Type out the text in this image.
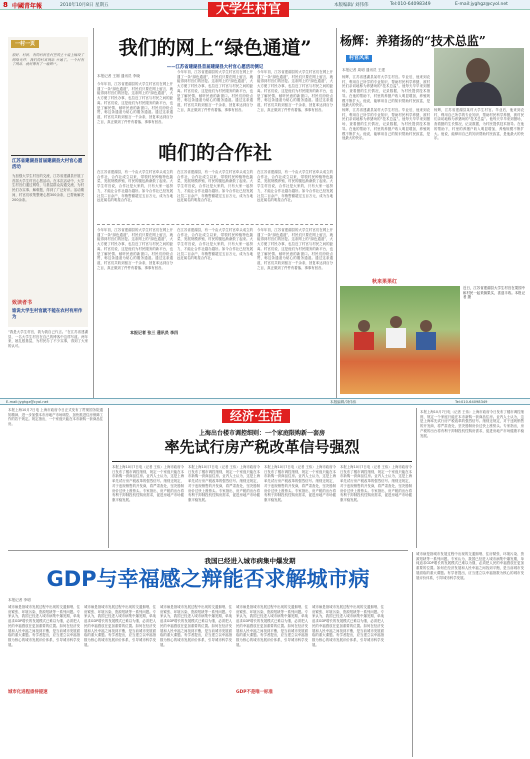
8 中國青年報	2010年10月8日 星期五	本版编辑/ 刘伟伟	Tel:010-64098349	E-mail:jyghgz@cyol.net
大学生村官
一村一页
很好，村民，有的村民在村里的主干道上铺设了网络光纤，我们的村官网站 开通了。一个村有了网站，就好像有了一扇窗户。
江苏省建湖县首届建湖县大村官心愿活动
为加强大学生村官的交流，江苏省建湖县开展了首届大学生村官心愿活动。在本次活动中，大学生村官们通过网络，与基层群众沟通交流，为村民们办实事、解难题，得到了广泛好评。活动期间，村官们收集整理心愿300余条，已帮助解决200余条。
致读者书
谁说大学生村官就不能在农村有所作为
“我是大学生村官，我为我自己代言。”在江苏省建湖县，一名大学生村官在自己的博客中这样写道。两年来，她扎根基层，为村民办了不少实事，得到了大家的认可。
我们的网上“绿色通道”
——江苏省建湖县首届建湖县大村官心愿活动侧记
本报记者 王刚 通讯员 李晓
今年年初，江苏省建湖县的大学生村官们在网上开通了一条“绿色通道”，村民们只要在网上留言，就能得到村官们的回复。这条网上的“绿色通道”，大大方便了村民办事，也拉近了村官与村民之间的距离。村官们说，这是他们为村民服务的新平台，也是了解民情、倾听民意的新窗口。村民们纷纷点赞，称这条通道为贴心的服务通道。通过这条通道，村官们共收到留言一千余条，回复率达到百分之百，真正做到了件件有着落、事事有回音。
今年年初，江苏省建湖县的大学生村官们在网上开通了一条“绿色通道”，村民们只要在网上留言，就能得到村官们的回复。这条网上的“绿色通道”，大大方便了村民办事，也拉近了村官与村民之间的距离。村官们说，这是他们为村民服务的新平台，也是了解民情、倾听民意的新窗口。村民们纷纷点赞，称这条通道为贴心的服务通道。通过这条通道，村官们共收到留言一千余条，回复率达到百分之百，真正做到了件件有着落、事事有回音。
今年年初，江苏省建湖县的大学生村官们在网上开通了一条“绿色通道”，村民们只要在网上留言，就能得到村官们的回复。这条网上的“绿色通道”，大大方便了村民办事，也拉近了村官与村民之间的距离。村官们说，这是他们为村民服务的新平台，也是了解民情、倾听民意的新窗口。村民们纷纷点赞，称这条通道为贴心的服务通道。通过这条通道，村官们共收到留言一千余条，回复率达到百分之百，真正做到了件件有着落、事事有回音。
咱们的合作社
在江苏省建湖县，有一个由大学生村官牵头成立的合作社，合作社成立以来，带领村民种植特色蔬菜，发展规模养殖，村民的腰包渐渐鼓了起来。大学生村官说，合作社是大家的，只有大家一起努力，才能让合作社越办越好。如今合作社已经发展社员二百余户，年销售额超过五百万元，成为当地远近闻名的明星合作社。
在江苏省建湖县，有一个由大学生村官牵头成立的合作社，合作社成立以来，带领村民种植特色蔬菜，发展规模养殖，村民的腰包渐渐鼓了起来。大学生村官说，合作社是大家的，只有大家一起努力，才能让合作社越办越好。如今合作社已经发展社员二百余户，年销售额超过五百万元，成为当地远近闻名的明星合作社。
在江苏省建湖县，有一个由大学生村官牵头成立的合作社，合作社成立以来，带领村民种植特色蔬菜，发展规模养殖，村民的腰包渐渐鼓了起来。大学生村官说，合作社是大家的，只有大家一起努力，才能让合作社越办越好。如今合作社已经发展社员二百余户，年销售额超过五百万元，成为当地远近闻名的明星合作社。
今年年初，江苏省建湖县的大学生村官们在网上开通了一条“绿色通道”，村民们只要在网上留言，就能得到村官们的回复。这条网上的“绿色通道”，大大方便了村民办事，也拉近了村官与村民之间的距离。村官们说，这是他们为村民服务的新平台，也是了解民情、倾听民意的新窗口。村民们纷纷点赞，称这条通道为贴心的服务通道。通过这条通道，村官们共收到留言一千余条，回复率达到百分之百，真正做到了件件有着落、事事有回音。
在江苏省建湖县，有一个由大学生村官牵头成立的合作社，合作社成立以来，带领村民种植特色蔬菜，发展规模养殖，村民的腰包渐渐鼓了起来。大学生村官说，合作社是大家的，只有大家一起努力，才能让合作社越办越好。如今合作社已经发展社员二百余户，年销售额超过五百万元，成为当地远近闻名的明星合作社。
今年年初，江苏省建湖县的大学生村官们在网上开通了一条“绿色通道”，村民们只要在网上留言，就能得到村官们的回复。这条网上的“绿色通道”，大大方便了村民办事，也拉近了村官与村民之间的距离。村官们说，这是他们为村民服务的新平台，也是了解民情、倾听民意的新窗口。村民们纷纷点赞，称这条通道为贴心的服务通道。通过这条通道，村官们共收到留言一千余条，回复率达到百分之百，真正做到了件件有着落、事事有回音。
本报记者 张三 通讯员 李四
杨辉：养猪扬的“技术总监”
村官风采
本报记者 周明 通讯员 王建
杨辉，江苏省建湖县某村大学生村官。毕业后，他来到农村，利用自己所学的专业知识，帮助村民科学养猪，被村民们亲切地称为养猪场的“技术总监”。他每天早早来到猪场，查看猪的生长情况，记录数据，为村民提供技术指导。在他的帮助下，村里的养猪户收入明显增加，养殖规模不断扩大。他说，能够用自己的知识帮助村民致富，是他最大的快乐。
杨辉，江苏省建湖县某村大学生村官。毕业后，他来到农村，利用自己所学的专业知识，帮助村民科学养猪，被村民们亲切地称为养猪场的“技术总监”。他每天早早来到猪场，查看猪的生长情况，记录数据，为村民提供技术指导。在他的帮助下，村里的养猪户收入明显增加，养殖规模不断扩大。他说，能够用自己的知识帮助村民致富，是他最大的快乐。
杨辉，江苏省建湖县某村大学生村官。毕业后，他来到农村，利用自己所学的专业知识，帮助村民科学养猪，被村民们亲切地称为养猪场的“技术总监”。他每天早早来到猪场，查看猪的生长情况，记录数据，为村民提供技术指导。在他的帮助下，村里的养猪户收入明显增加，养殖规模不断扩大。他说，能够用自己的知识帮助村民致富，是他最大的快乐。
秋来果果红
近日，江苏省建湖县大学生村官在果园中和村民一起采摘果实，喜迎丰收。本报记者 摄
E-mail:jyghgz@cyol.net	本版编辑/刘伟伟	Tel:010-64098349
经济·生活
本报上海10月7日电 上海市政府今日正式发布了贯彻国务院通知精神、进一步加强本市房地产市场调控、加快推进住房保障工作的若干规定。规定指出，一个家庭只能在本市新购一套商品住房。
上海出台楼市调控细则：一个家庭限购新一套房
率先试行房产税改革信号强烈
本报上海10月7日电（记者 王伟）上海市政府今日发布了楼市调控细则，规定一个家庭只能在本市新购一套商品住房。业内人士认为，这是上海率先试行房产税改革的强烈信号。细则还规定，对于违规销售的开发商，将严肃查处，坚决遏制房价过快上涨势头。专家指出，房产税的出台将有利于抑制投机性购房需求，促进房地产市场健康平稳发展。
本报上海10月7日电（记者 王伟）上海市政府今日发布了楼市调控细则，规定一个家庭只能在本市新购一套商品住房。业内人士认为，这是上海率先试行房产税改革的强烈信号。细则还规定，对于违规销售的开发商，将严肃查处，坚决遏制房价过快上涨势头。专家指出，房产税的出台将有利于抑制投机性购房需求，促进房地产市场健康平稳发展。
本报上海10月7日电（记者 王伟）上海市政府今日发布了楼市调控细则，规定一个家庭只能在本市新购一套商品住房。业内人士认为，这是上海率先试行房产税改革的强烈信号。细则还规定，对于违规销售的开发商，将严肃查处，坚决遏制房价过快上涨势头。专家指出，房产税的出台将有利于抑制投机性购房需求，促进房地产市场健康平稳发展。
本报上海10月7日电（记者 王伟）上海市政府今日发布了楼市调控细则，规定一个家庭只能在本市新购一套商品住房。业内人士认为，这是上海率先试行房产税改革的强烈信号。细则还规定，对于违规销售的开发商，将严肃查处，坚决遏制房价过快上涨势头。专家指出，房产税的出台将有利于抑制投机性购房需求，促进房地产市场健康平稳发展。
本报上海10月7日电（记者 王伟）上海市政府今日发布了楼市调控细则，规定一个家庭只能在本市新购一套商品住房。业内人士认为，这是上海率先试行房产税改革的强烈信号。细则还规定，对于违规销售的开发商，将严肃查处，坚决遏制房价过快上涨势头。专家指出，房产税的出台将有利于抑制投机性购房需求，促进房地产市场健康平稳发展。
我国已经进入城市病集中爆发期
GDP与幸福感之辩能否求解城市病
本报记者 李明
城市病是指城市发展过程中出现的交通拥堵、住房紧张、环境污染、资源短缺等一系列问题。专家认为，我国已经进入城市病集中爆发期，单纯追求GDP增长的发展模式已难以为继，必须把人民的幸福感放在更加重要的位置。如何在经济发展和人民幸福之间找到平衡，是当前城市发展面临的重大课题。有学者提出，应当建立以幸福指数为核心的城市发展评价体系，引导城市科学发展。
城市化进程亟待提速
城市病是指城市发展过程中出现的交通拥堵、住房紧张、环境污染、资源短缺等一系列问题。专家认为，我国已经进入城市病集中爆发期，单纯追求GDP增长的发展模式已难以为继，必须把人民的幸福感放在更加重要的位置。如何在经济发展和人民幸福之间找到平衡，是当前城市发展面临的重大课题。有学者提出，应当建立以幸福指数为核心的城市发展评价体系，引导城市科学发展。
城市病是指城市发展过程中出现的交通拥堵、住房紧张、环境污染、资源短缺等一系列问题。专家认为，我国已经进入城市病集中爆发期，单纯追求GDP增长的发展模式已难以为继，必须把人民的幸福感放在更加重要的位置。如何在经济发展和人民幸福之间找到平衡，是当前城市发展面临的重大课题。有学者提出，应当建立以幸福指数为核心的城市发展评价体系，引导城市科学发展。
城市病是指城市发展过程中出现的交通拥堵、住房紧张、环境污染、资源短缺等一系列问题。专家认为，我国已经进入城市病集中爆发期，单纯追求GDP增长的发展模式已难以为继，必须把人民的幸福感放在更加重要的位置。如何在经济发展和人民幸福之间找到平衡，是当前城市发展面临的重大课题。有学者提出，应当建立以幸福指数为核心的城市发展评价体系，引导城市科学发展。
GDP不是唯一标准
城市病是指城市发展过程中出现的交通拥堵、住房紧张、环境污染、资源短缺等一系列问题。专家认为，我国已经进入城市病集中爆发期，单纯追求GDP增长的发展模式已难以为继，必须把人民的幸福感放在更加重要的位置。如何在经济发展和人民幸福之间找到平衡，是当前城市发展面临的重大课题。有学者提出，应当建立以幸福指数为核心的城市发展评价体系，引导城市科学发展。
城市病是指城市发展过程中出现的交通拥堵、住房紧张、环境污染、资源短缺等一系列问题。专家认为，我国已经进入城市病集中爆发期，单纯追求GDP增长的发展模式已难以为继，必须把人民的幸福感放在更加重要的位置。如何在经济发展和人民幸福之间找到平衡，是当前城市发展面临的重大课题。有学者提出，应当建立以幸福指数为核心的城市发展评价体系，引导城市科学发展。
